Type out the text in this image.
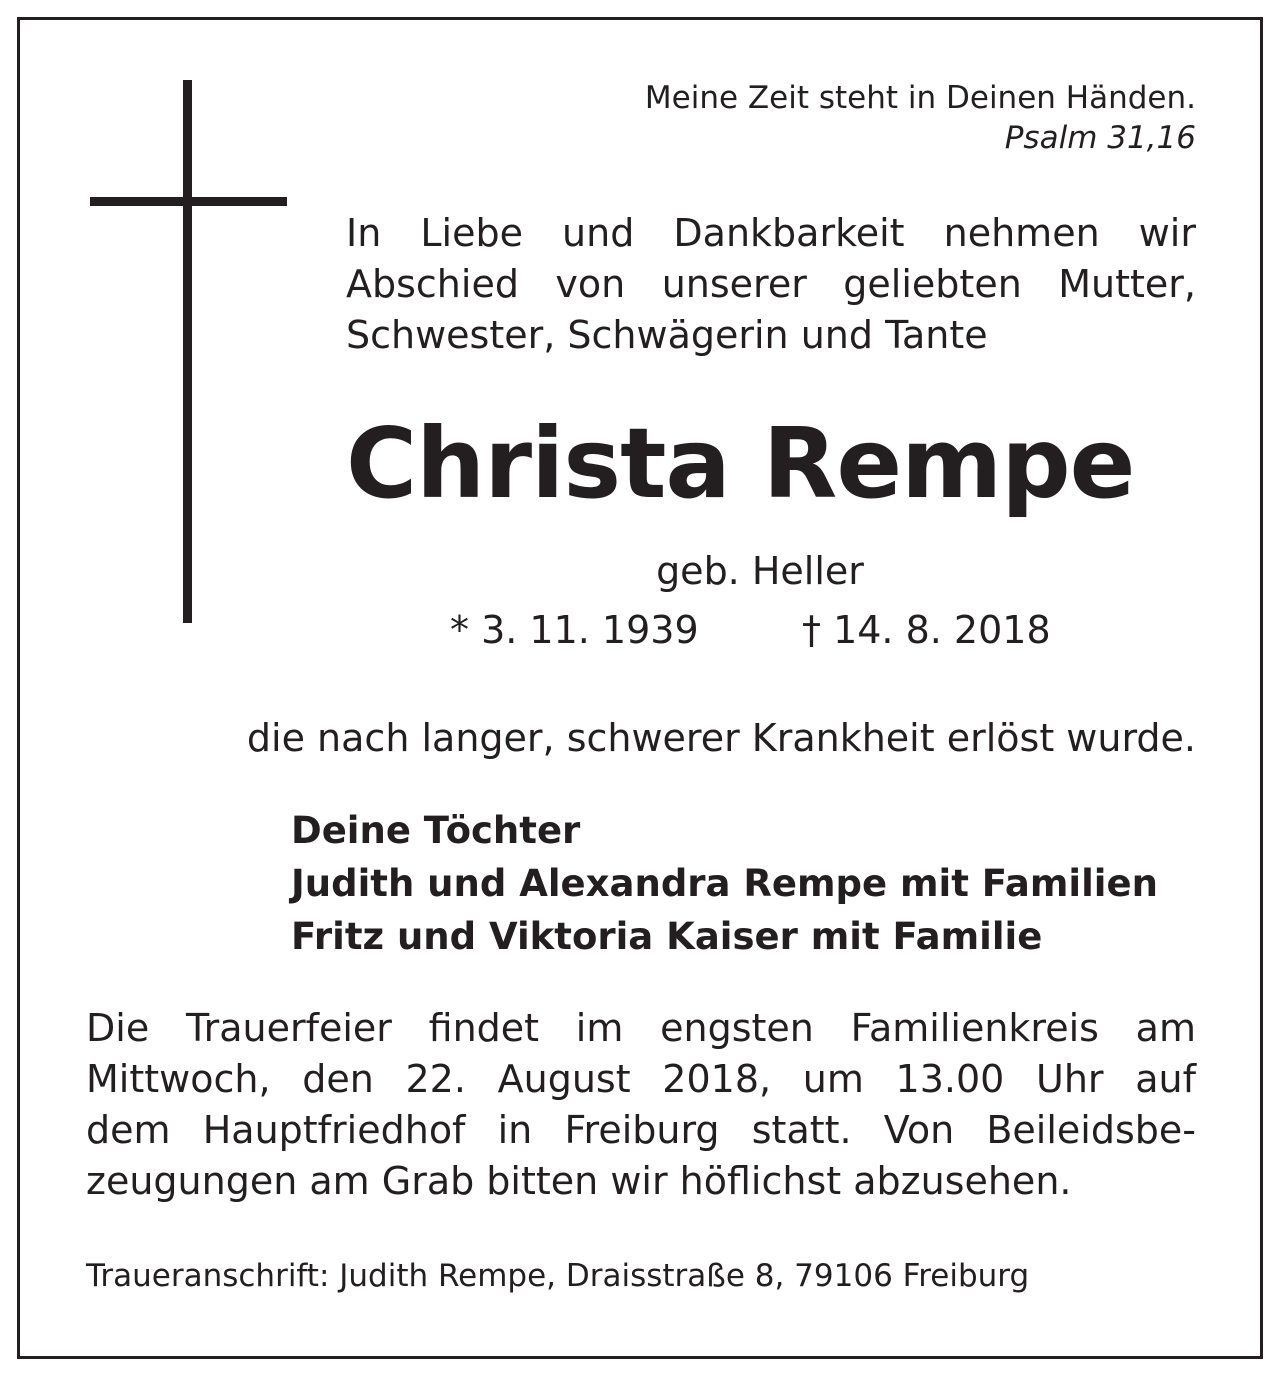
Meine Zeit steht in Deinen Händen.
Psalm 31,16
In Liebe und Dankbarkeit nehmen wir
Abschied von unserer geliebten Mutter,
Schwester, Schwägerin und Tante
Christa Rempe
geb. Heller
* 3. 11. 1939	† 14. 8. 2018
die nach langer, schwerer Krankheit erlöst wurde.
Deine Töchter
Judith und Alexandra Rempe mit Familien
Fritz und Viktoria Kaiser mit Familie
Die Trauerfeier findet im engsten Familienkreis am
Mittwoch, den 22. August 2018, um 13.00 Uhr auf
dem Hauptfriedhof in Freiburg statt. Von Beileidsbe-
zeugungen am Grab bitten wir höflichst abzusehen.
Traueranschrift: Judith Rempe, Draisstraße 8, 79106 Freiburg
